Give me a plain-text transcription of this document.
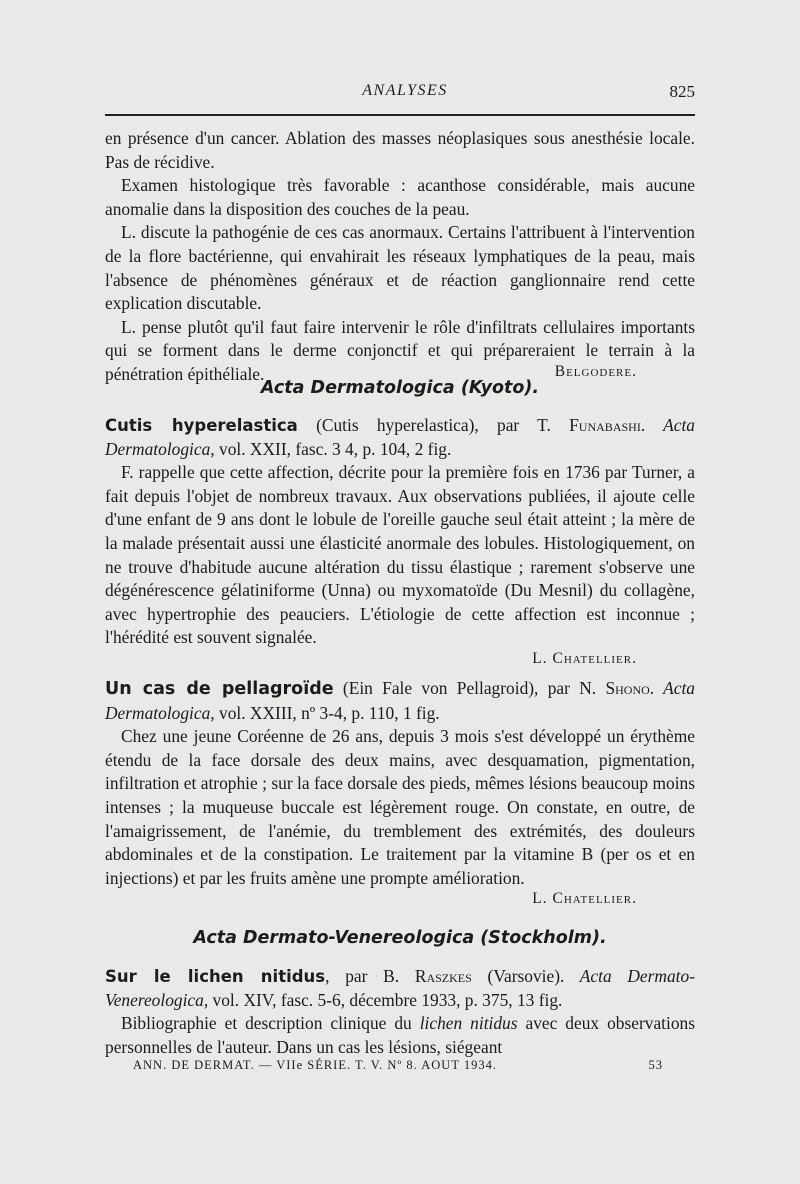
ANALYSES	825

en présence d'un cancer. Ablation des masses néoplasiques sous anesthésie locale. Pas de récidive.

Examen histologique très favorable : acanthose considérable, mais aucune anomalie dans la disposition des couches de la peau.

L. discute la pathogénie de ces cas anormaux. Certains l'attribuent à l'intervention de la flore bactérienne, qui envahirait les réseaux lymphatiques de la peau, mais l'absence de phénomènes généraux et de réaction ganglionnaire rend cette explication discutable.

L. pense plutôt qu'il faut faire intervenir le rôle d'infiltrats cellulaires importants qui se forment dans le derme conjonctif et qui prépareraient le terrain à la pénétration épithéliale.	Belgodere.
Acta Dermatologica (Kyoto).

Cutis hyperelastica (Cutis hyperelastica), par T. Funabashi. Acta Dermatologica, vol. XXII, fasc. 3 4, p. 104, 2 fig.

F. rappelle que cette affection, décrite pour la première fois en 1736 par Turner, a fait depuis l'objet de nombreux travaux. Aux observations publiées, il ajoute celle d'une enfant de 9 ans dont le lobule de l'oreille gauche seul était atteint ; la mère de la malade présentait aussi une élasticité anormale des lobules. Histologiquement, on ne trouve d'habitude aucune altération du tissu élastique ; rarement s'observe une dégénérescence gélatiniforme (Unna) ou myxomatoïde (Du Mesnil) du collagène, avec hypertrophie des peauciers. L'étiologie de cette affection est inconnue ; l'hérédité est souvent signalée.

L. Chatellier.

Un cas de pellagroïde (Ein Fale von Pellagroid), par N. Shono. Acta Dermatologica, vol. XXIII, nº 3-4, p. 110, 1 fig.

Chez une jeune Coréenne de 26 ans, depuis 3 mois s'est développé un érythème étendu de la face dorsale des deux mains, avec desquamation, pigmentation, infiltration et atrophie ; sur la face dorsale des pieds, mêmes lésions beaucoup moins intenses ; la muqueuse buccale est légèrement rouge. On constate, en outre, de l'amaigrissement, de l'anémie, du tremblement des extrémités, des douleurs abdominales et de la constipation. Le traitement par la vitamine B (per os et en injections) et par les fruits amène une prompte amélioration.

L. Chatellier.
Acta Dermato-Venereologica (Stockholm).

Sur le lichen nitidus, par B. Raszkes (Varsovie). Acta Dermato-Venereologica, vol. XIV, fasc. 5-6, décembre 1933, p. 375, 13 fig.

Bibliographie et description clinique du lichen nitidus avec deux observations personnelles de l'auteur. Dans un cas les lésions, siégeant

ANN. DE DERMAT. — VIIe SÉRIE. T. V. Nº 8. AOUT 1934.	53
